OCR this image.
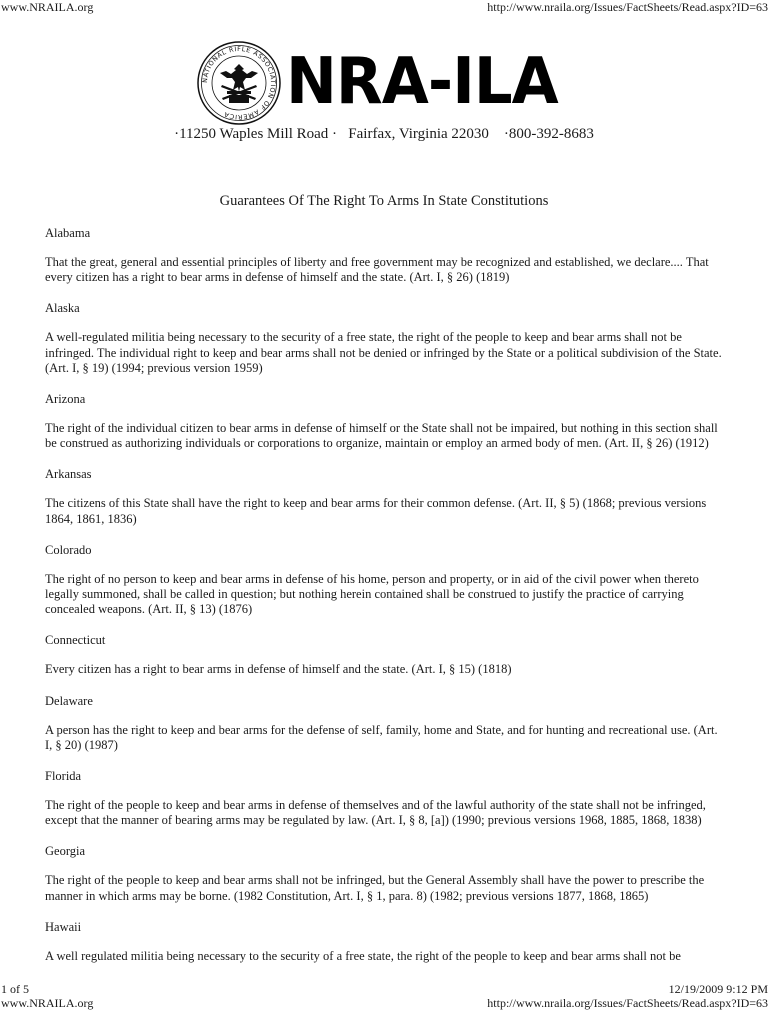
www.NRAILA.org	http://www.nraila.org/Issues/FactSheets/Read.aspx?ID=63
NATIONAL RIFLE ASSOCIATION OF AMERICA NRA-ILA
·11250 Waples Mill Road ·   Fairfax, Virginia 22030    ·800-392-8683
Guarantees Of The Right To Arms In State Constitutions

Alabama

That the great, general and essential principles of liberty and free government may be recognized and established, we declare.... That every citizen has a right to bear arms in defense of himself and the state. (Art. I, § 26) (1819)

Alaska

A well-regulated militia being necessary to the security of a free state, the right of the people to keep and bear arms shall not be infringed. The individual right to keep and bear arms shall not be denied or infringed by the State or a political subdivision of the State. (Art. I, § 19) (1994; previous version 1959)

Arizona

The right of the individual citizen to bear arms in defense of himself or the State shall not be impaired, but nothing in this section shall be construed as authorizing individuals or corporations to organize, maintain or employ an armed body of men. (Art. II, § 26) (1912)

Arkansas

The citizens of this State shall have the right to keep and bear arms for their common defense. (Art. II, § 5) (1868; previous versions 1864, 1861, 1836)

Colorado

The right of no person to keep and bear arms in defense of his home, person and property, or in aid of the civil power when thereto legally summoned, shall be called in question; but nothing herein contained shall be construed to justify the practice of carrying concealed weapons. (Art. II, § 13) (1876)

Connecticut

Every citizen has a right to bear arms in defense of himself and the state. (Art. I, § 15) (1818)

Delaware

A person has the right to keep and bear arms for the defense of self, family, home and State, and for hunting and recreational use. (Art. I, § 20) (1987)

Florida

The right of the people to keep and bear arms in defense of themselves and of the lawful authority of the state shall not be infringed, except that the manner of bearing arms may be regulated by law. (Art. I, § 8, [a]) (1990; previous versions 1968, 1885, 1868, 1838)

Georgia

The right of the people to keep and bear arms shall not be infringed, but the General Assembly shall have the power to prescribe the manner in which arms may be borne. (1982 Constitution, Art. I, § 1, para. 8) (1982; previous versions 1877, 1868, 1865)

Hawaii

A well regulated militia being necessary to the security of a free state, the right of the people to keep and bear arms shall not be

1 of 5	12/19/2009 9:12 PM
www.NRAILA.org	http://www.nraila.org/Issues/FactSheets/Read.aspx?ID=63
